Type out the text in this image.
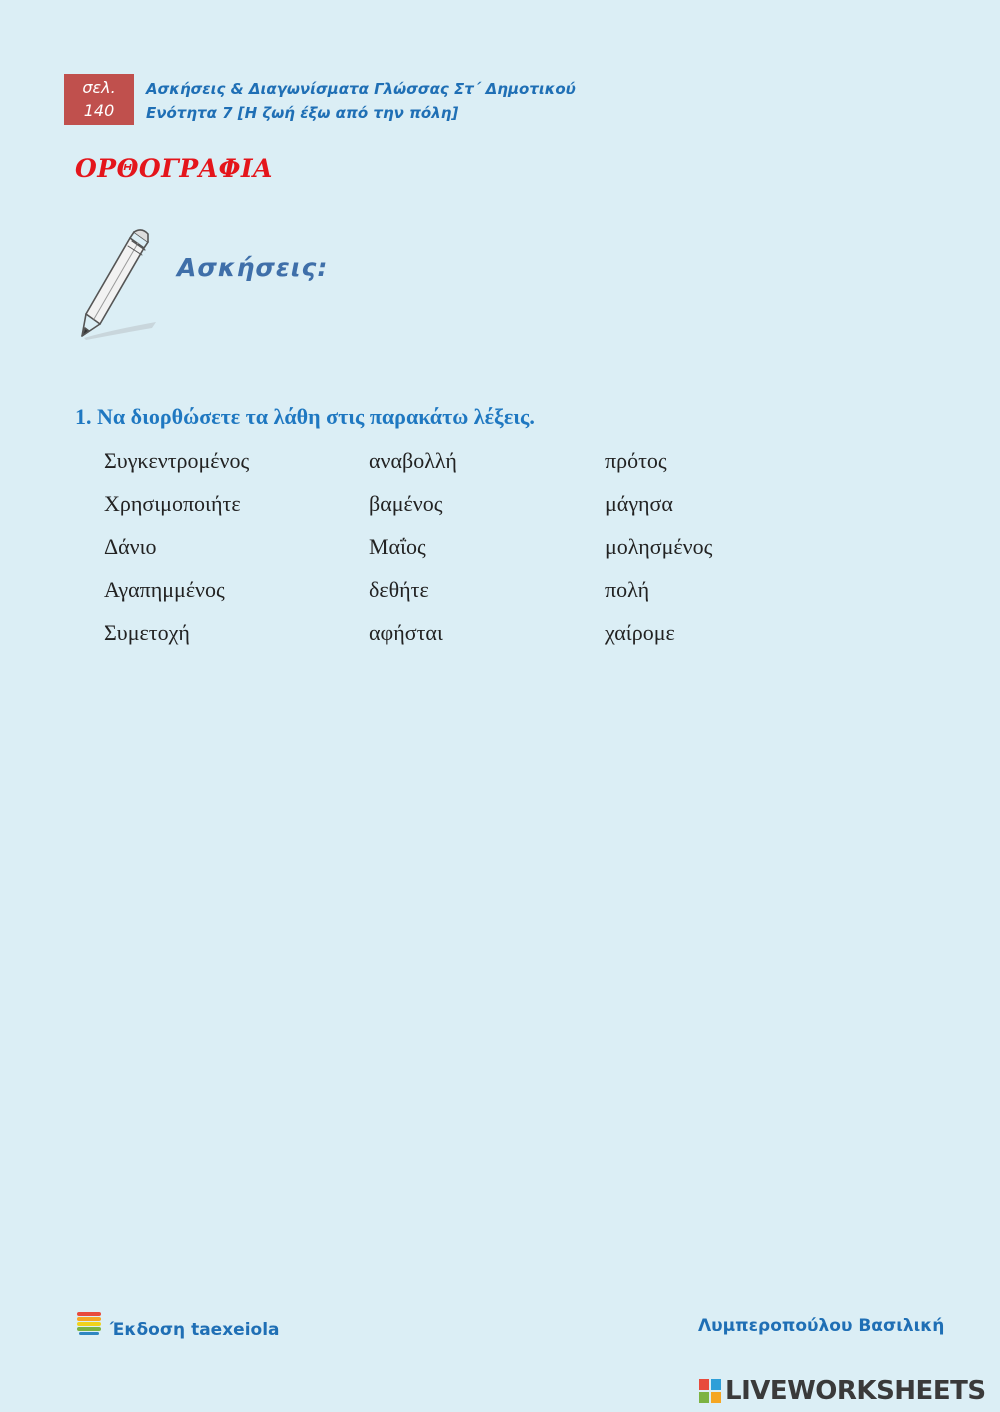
σελ.
140
Ασκήσεις & Διαγωνίσματα Γλώσσας Στ΄ Δημοτικού
Ενότητα 7 [Η ζωή έξω από την πόλη]
ΟΡΘΟΓΡΑΦΙΑ
Ασκήσεις:
1. Να διορθώσετε τα λάθη στις παρακάτω λέξεις.
Συγκεντρομένος	αναβολλή	πρότος
Χρησιμοποιήτε	βαμένος	μάγησα
Δάνιο	Μαΐος	μολησμένος
Αγαπημμένος	δεθήτε	πολή
Συμετοχή	αφήσται	χαίρομε
Έκδοση taexeiola	Λυμπεροπούλου Βασιλική
LIVEWORKSHEETS
